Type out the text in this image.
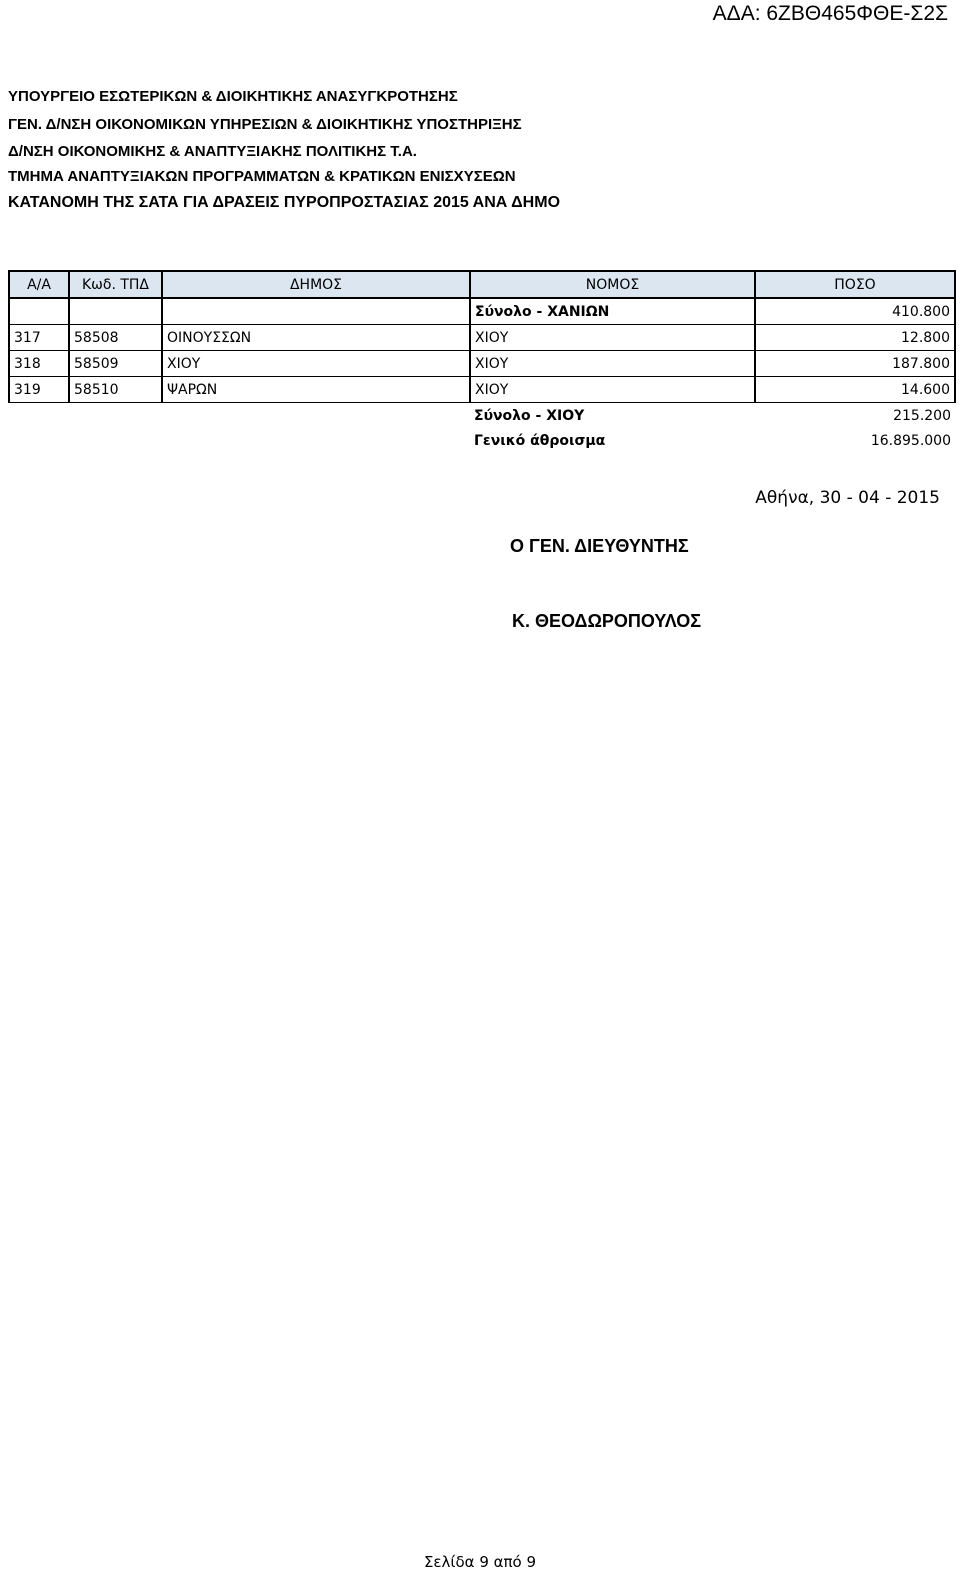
ΑΔΑ: 6ΖΒΘ465ΦΘΕ-Σ2Σ
ΥΠΟΥΡΓΕΙΟ ΕΣΩΤΕΡΙΚΩΝ & ΔΙΟΙΚΗΤΙΚΗΣ ΑΝΑΣΥΓΚΡΟΤΗΣΗΣ
ΓΕΝ. Δ/ΝΣΗ ΟΙΚΟΝΟΜΙΚΩΝ ΥΠΗΡΕΣΙΩΝ & ΔΙΟΙΚΗΤΙΚΗΣ ΥΠΟΣΤΗΡΙΞΗΣ
Δ/ΝΣΗ ΟΙΚΟΝΟΜΙΚΗΣ & ΑΝΑΠΤΥΞΙΑΚΗΣ ΠΟΛΙΤΙΚΗΣ Τ.Α.
ΤΜΗΜΑ ΑΝΑΠΤΥΞΙΑΚΩΝ ΠΡΟΓΡΑΜΜΑΤΩΝ & ΚΡΑΤΙΚΩΝ ΕΝΙΣΧΥΣΕΩΝ
ΚΑΤΑΝΟΜΗ ΤΗΣ ΣΑΤΑ ΓΙΑ ΔΡΑΣΕΙΣ ΠΥΡΟΠΡΟΣΤΑΣΙΑΣ 2015 ΑΝΑ ΔΗΜΟ
Α/Α	Κωδ. ΤΠΔ	ΔΗΜΟΣ	ΝΟΜΟΣ	ΠΟΣΟ
			Σύνολο - ΧΑΝΙΩΝ	410.800
317	58508	ΟΙΝΟΥΣΣΩΝ	ΧΙΟΥ	12.800
318	58509	ΧΙΟΥ	ΧΙΟΥ	187.800
319	58510	ΨΑΡΩΝ	ΧΙΟΥ	14.600
			Σύνολο - ΧΙΟΥ	215.200
			Γενικό άθροισμα	16.895.000
Αθήνα, 30 - 04 - 2015
Ο ΓΕΝ. ΔΙΕΥΘΥΝΤΗΣ
Κ. ΘΕΟΔΩΡΟΠΟΥΛΟΣ
Σελίδα 9 από 9
